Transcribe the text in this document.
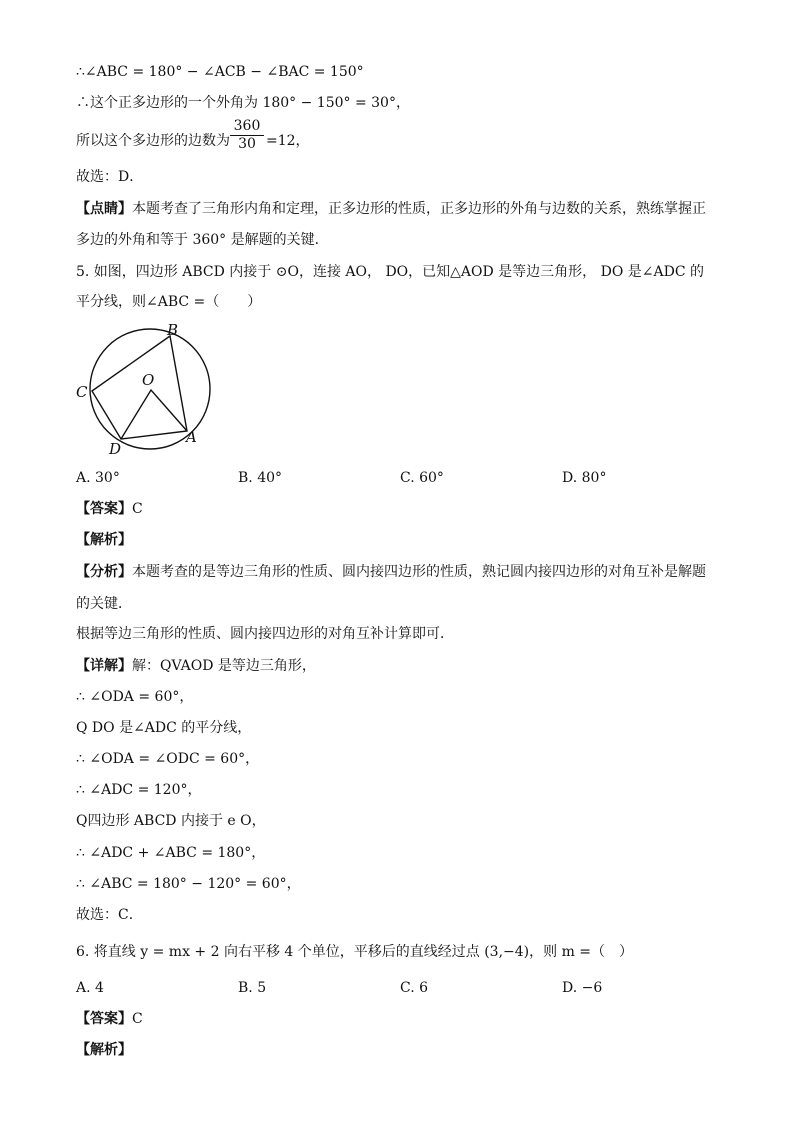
∴∠ABC = 180° − ∠ACB − ∠BAC = 150°
∴这个正多边形的一个外角为 180° − 150° = 30°，
所以这个多边形的边数为 $\frac{360}{30} =12$，
故选：D．
【点睛】本题考查了三角形内角和定理，正多边形的性质，正多边形的外角与边数的关系，熟练掌握正
多边的外角和等于 360° 是解题的关键．
5. 如图，四边形 ABCD 内接于 ⊙O，连接 AO， DO，已知△AOD 是等边三角形， DO 是∠ADC 的
平分线，则∠ABC =（　　）
B
C
O
D
A
A. 30°	B. 40°	C. 60°	D. 80°
【答案】C
【解析】
【分析】本题考查的是等边三角形的性质、圆内接四边形的性质，熟记圆内接四边形的对角互补是解题
的关键．
根据等边三角形的性质、圆内接四边形的对角互补计算即可．
【详解】解：QVAOD 是等边三角形，
∴ ∠ODA = 60°，
Q DO 是∠ADC 的平分线，
∴ ∠ODA = ∠ODC = 60°，
∴ ∠ADC = 120°，
Q四边形 ABCD 内接于 e O，
∴ ∠ADC + ∠ABC = 180°，
∴ ∠ABC = 180° − 120° = 60°，
故选：C．
6. 将直线 y = mx + 2 向右平移 4 个单位，平移后的直线经过点 (3,−4)，则 m =（　）
A. 4	B. 5	C. 6	D. −6
【答案】C
【解析】
